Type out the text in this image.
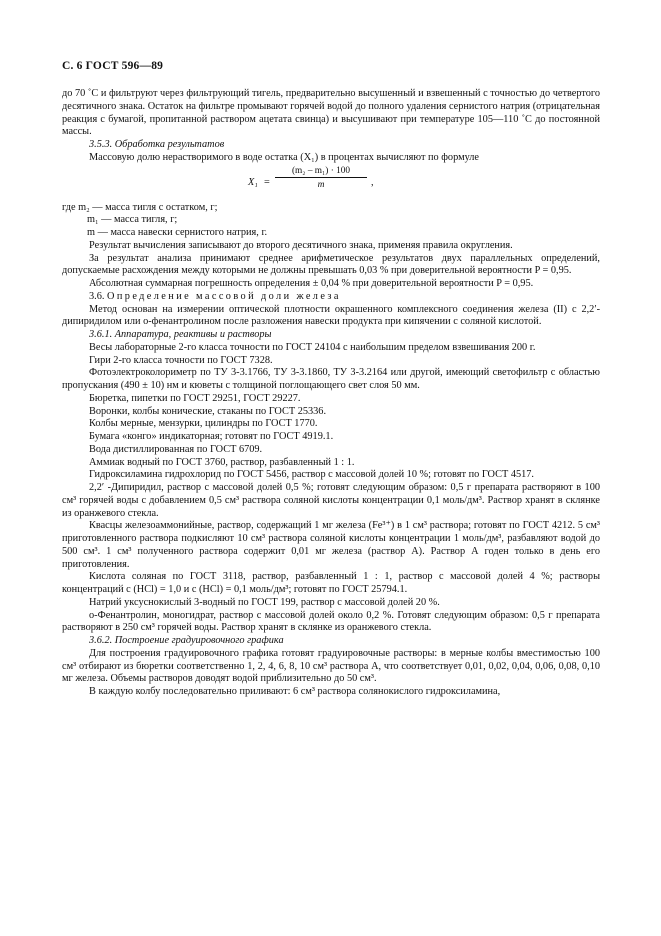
С. 6 ГОСТ 596—89

до 70 ˚С и фильтруют через фильтрующий тигель, предварительно высушенный и взвешенный с точностью до четвертого десятичного знака. Остаток на фильтре промывают горячей водой до полного удаления сернистого натрия (отрицательная реакция с бумагой, пропитанной раствором ацетата свинца) и высушивают при температуре 105—110 ˚С до постоянной массы.

3.5.3. Обработка результатов

Массовую долю нерастворимого в воде остатка (X₁) в процентах вычисляют по формуле

$X_1 = \frac{\text{(m₂ – m₁) · 100}}{m}$ ,

где m₂ — масса тигля с остатком, г;

m₁ — масса тигля, г;

m — масса навески сернистого натрия, г.

Результат вычисления записывают до второго десятичного знака, применяя правила округления.

За результат анализа принимают среднее арифметическое результатов двух параллельных определений, допускаемые расхождения между которыми не должны превышать 0,03 % при доверительной вероятности P = 0,95.

Абсолютная суммарная погрешность определения ± 0,04 % при доверительной вероятности P = 0,95.

3.6. Определение массовой доли железа

Метод основан на измерении оптической плотности окрашенного комплексного соединения железа (II) с 2,2′-дипиридилом или о-фенантролином после разложения навески продукта при кипячении с соляной кислотой.

3.6.1. Аппаратура, реактивы и растворы

Весы лабораторные 2-го класса точности по ГОСТ 24104 с наибольшим пределом взвешивания 200 г.

Гири 2-го класса точности по ГОСТ 7328.

Фотоэлектроколориметр по ТУ 3-3.1766, ТУ 3-3.1860, ТУ 3-3.2164 или другой, имеющий светофильтр с областью пропускания (490 ± 10) нм и кюветы с толщиной поглощающего свет слоя 50 мм.

Бюретка, пипетки по ГОСТ 29251, ГОСТ 29227.

Воронки, колбы конические, стаканы по ГОСТ 25336.

Колбы мерные, мензурки, цилиндры по ГОСТ 1770.

Бумага «конго» индикаторная; готовят по ГОСТ 4919.1.

Вода дистиллированная по ГОСТ 6709.

Аммиак водный по ГОСТ 3760, раствор, разбавленный 1 : 1.

Гидроксиламина гидрохлорид по ГОСТ 5456, раствор с массовой долей 10 %; готовят по ГОСТ 4517.

2,2′ -Дипиридил, раствор с массовой долей 0,5 %; готовят следующим образом: 0,5 г препарата растворяют в 100 см³ горячей воды с добавлением 0,5 см³ раствора соляной кислоты концентрации 0,1 моль/дм³. Раствор хранят в склянке из оранжевого стекла.

Квасцы железоаммонийные, раствор, содержащий 1 мг железа (Fe³⁺) в 1 см³ раствора; готовят по ГОСТ 4212. 5 см³ приготовленного раствора подкисляют 10 см³ раствора соляной кислоты концентрации 1 моль/дм³, разбавляют водой до 500 см³. 1 см³ полученного раствора содержит 0,01 мг железа (раствор А). Раствор А годен только в день его приготовления.

Кислота соляная по ГОСТ 3118, раствор, разбавленный 1 : 1, раствор с массовой долей 4 %; растворы концентраций c (HCl) = 1,0 и c (HCl) = 0,1 моль/дм³; готовят по ГОСТ 25794.1.

Натрий уксуснокислый 3-водный по ГОСТ 199, раствор с массовой долей 20 %.

о-Фенантролин, моногидрат, раствор с массовой долей около 0,2 %. Готовят следующим образом: 0,5 г препарата растворяют в 250 см³ горячей воды. Раствор хранят в склянке из оранжевого стекла.

3.6.2. Построение градуировочного графика

Для построения градуировочного графика готовят градуировочные растворы: в мерные колбы вместимостью 100 см³ отбирают из бюретки соответственно 1, 2, 4, 6, 8, 10 см³ раствора А, что соответствует 0,01, 0,02, 0,04, 0,06, 0,08, 0,10 мг железа. Объемы растворов доводят водой приблизительно до 50 см³.

В каждую колбу последовательно приливают: 6 см³ раствора солянокислого гидроксиламина,
